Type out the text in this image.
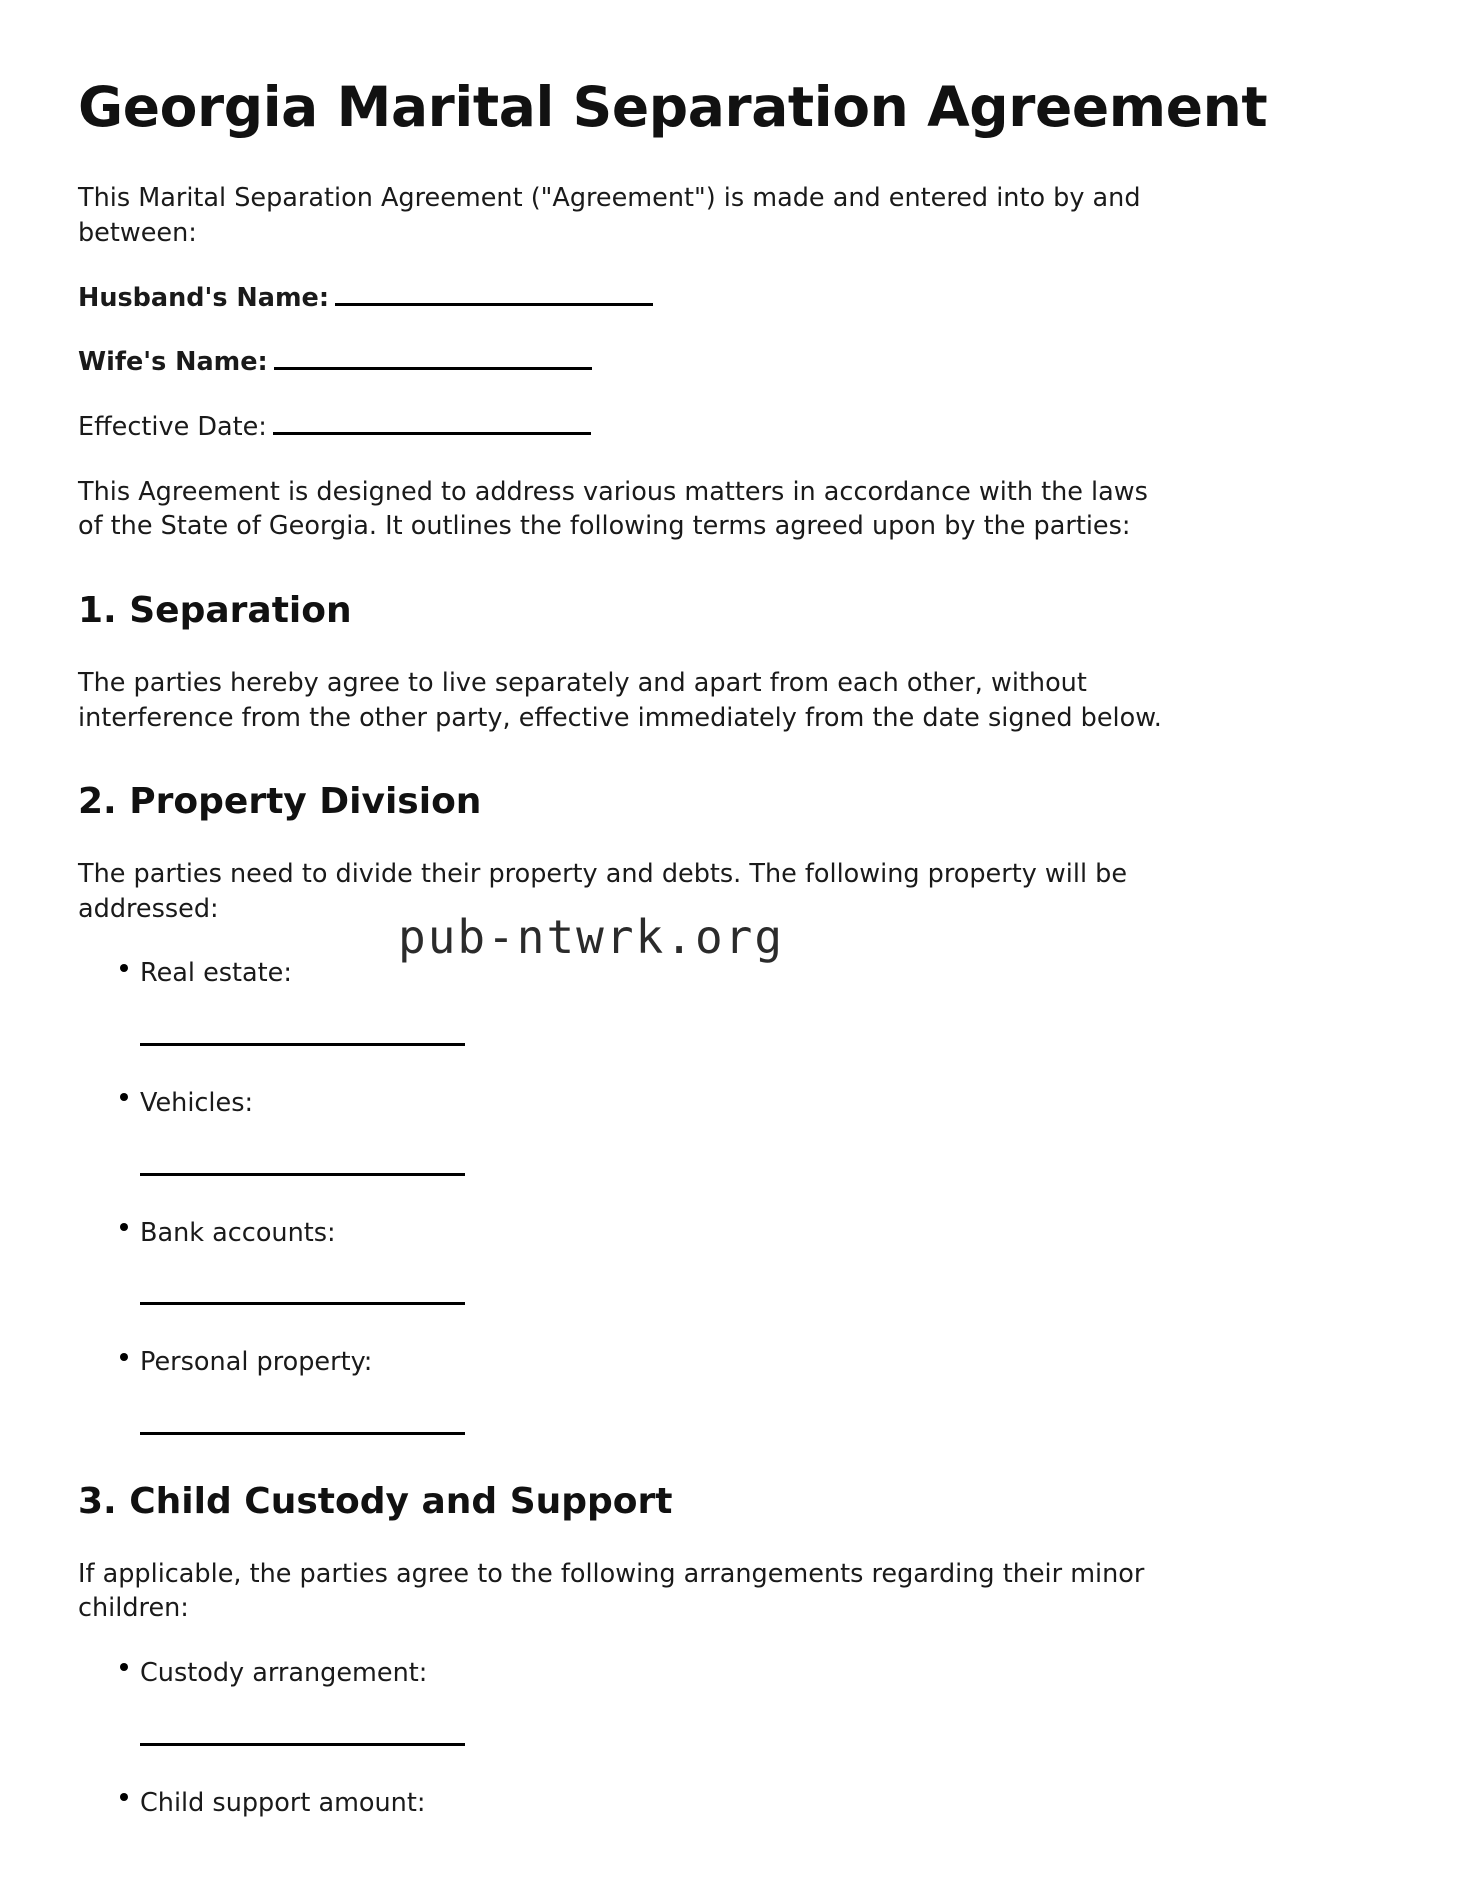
Georgia Marital Separation Agreement

This Marital Separation Agreement ("Agreement") is made and entered into by and between:

Husband's Name:
Wife's Name:
Effective Date:

This Agreement is designed to address various matters in accordance with the laws of the State of Georgia. It outlines the following terms agreed upon by the parties:

1. Separation

The parties hereby agree to live separately and apart from each other, without interference from the other party, effective immediately from the date signed below.

2. Property Division

The parties need to divide their property and debts. The following property will be addressed:

Real estate:
Vehicles:
Bank accounts:
Personal property:
3. Child Custody and Support

If applicable, the parties agree to the following arrangements regarding their minor children:

Custody arrangement:
Child support amount:
pub-ntwrk.org
